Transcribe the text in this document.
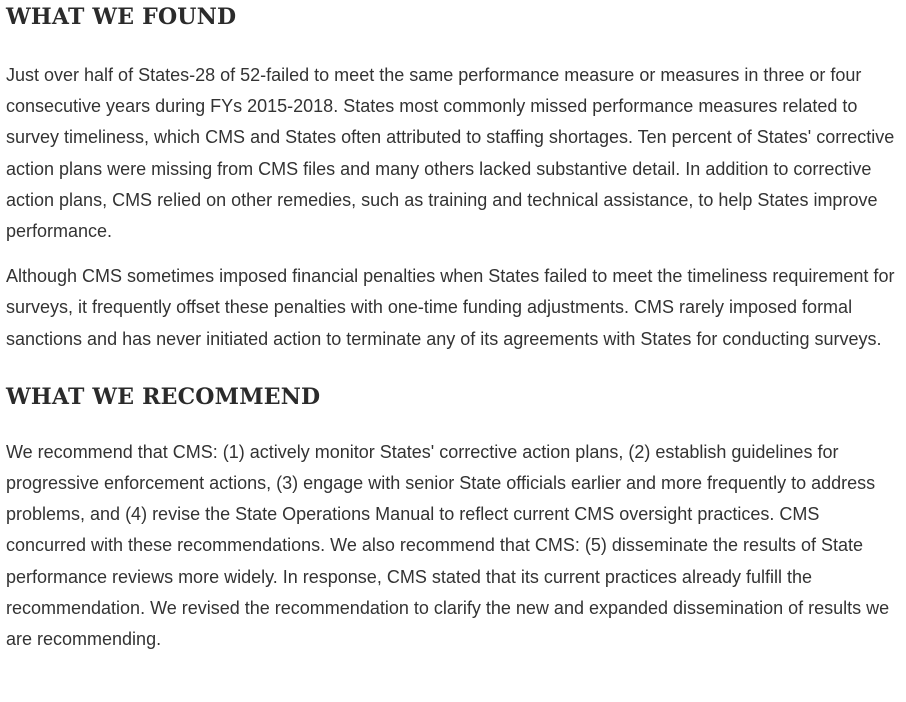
WHAT WE FOUND

Just over half of States-28 of 52-failed to meet the same performance measure or measures in three or four consecutive years during FYs 2015-2018. States most commonly missed performance measures related to survey timeliness, which CMS and States often attributed to staffing shortages. Ten percent of States' corrective action plans were missing from CMS files and many others lacked substantive detail. In addition to corrective action plans, CMS relied on other remedies, such as training and technical assistance, to help States improve performance.

Although CMS sometimes imposed financial penalties when States failed to meet the timeliness requirement for surveys, it frequently offset these penalties with one-time funding adjustments. CMS rarely imposed formal sanctions and has never initiated action to terminate any of its agreements with States for conducting surveys.

WHAT WE RECOMMEND

We recommend that CMS: (1) actively monitor States' corrective action plans, (2) establish guidelines for progressive enforcement actions, (3) engage with senior State officials earlier and more frequently to address problems, and (4) revise the State Operations Manual to reflect current CMS oversight practices. CMS concurred with these recommendations. We also recommend that CMS: (5) disseminate the results of State performance reviews more widely. In response, CMS stated that its current practices already fulfill the recommendation. We revised the recommendation to clarify the new and expanded dissemination of results we are recommending.
